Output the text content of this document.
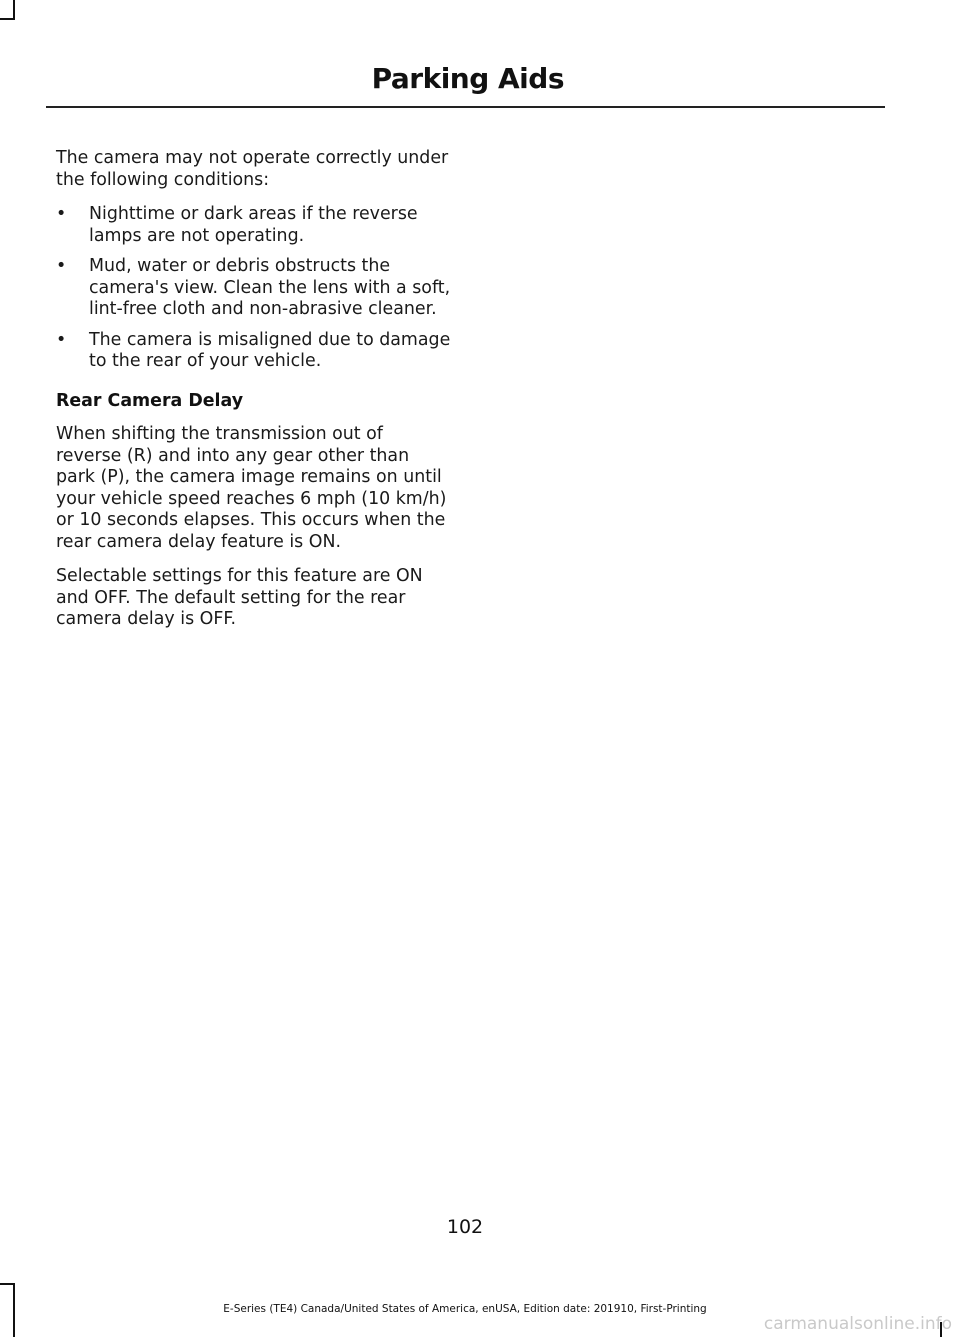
Parking Aids

The camera may not operate correctly under the following conditions:

• Nighttime or dark areas if the reverse lamps are not operating.
• Mud, water or debris obstructs the camera's view. Clean the lens with a soft, lint-free cloth and non-abrasive cleaner.
• The camera is misaligned due to damage to the rear of your vehicle.
Rear Camera Delay

When shifting the transmission out of reverse (R) and into any gear other than park (P), the camera image remains on until your vehicle speed reaches 6 mph (10 km/h) or 10 seconds elapses. This occurs when the rear camera delay feature is ON.

Selectable settings for this feature are ON and OFF. The default setting for the rear camera delay is OFF.

102
E-Series (TE4) Canada/United States of America, enUSA, Edition date: 201910, First-Printing
carmanualsonline.info
